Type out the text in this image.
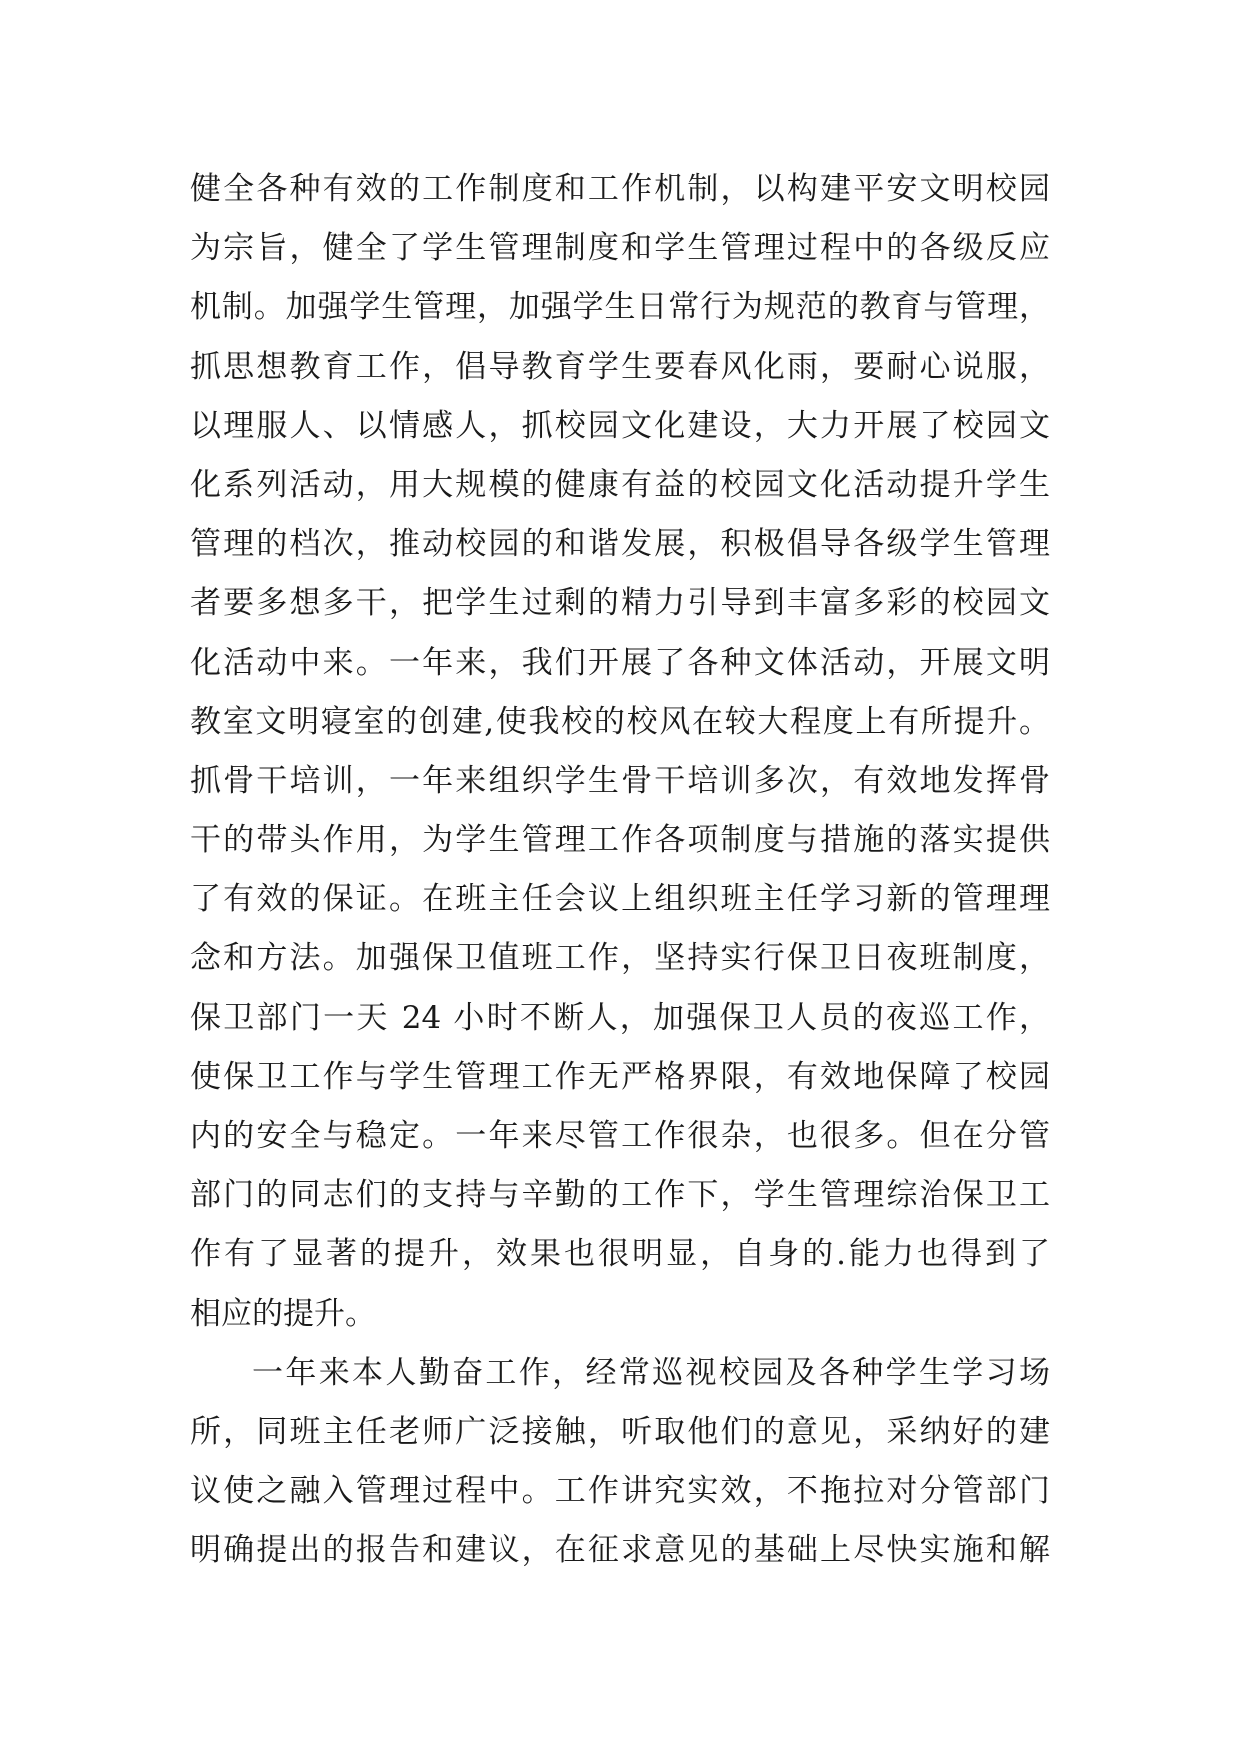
健全各种有效的工作制度和工作机制，以构建平安文明校园
为宗旨，健全了学生管理制度和学生管理过程中的各级反应
机制。加强学生管理，加强学生日常行为规范的教育与管理，
抓思想教育工作，倡导教育学生要春风化雨，要耐心说服，
以理服人、以情感人，抓校园文化建设，大力开展了校园文
化系列活动，用大规模的健康有益的校园文化活动提升学生
管理的档次，推动校园的和谐发展，积极倡导各级学生管理
者要多想多干，把学生过剩的精力引导到丰富多彩的校园文
化活动中来。一年来，我们开展了各种文体活动，开展文明
教室文明寝室的创建,使我校的校风在较大程度上有所提升。
抓骨干培训，一年来组织学生骨干培训多次，有效地发挥骨
干的带头作用，为学生管理工作各项制度与措施的落实提供
了有效的保证。在班主任会议上组织班主任学习新的管理理
念和方法。加强保卫值班工作，坚持实行保卫日夜班制度，
保卫部门一天 24 小时不断人，加强保卫人员的夜巡工作，
使保卫工作与学生管理工作无严格界限，有效地保障了校园
内的安全与稳定。一年来尽管工作很杂，也很多。但在分管
部门的同志们的支持与辛勤的工作下，学生管理综治保卫工
作有了显著的提升，效果也很明显，自身的.能力也得到了
相应的提升。
一年来本人勤奋工作，经常巡视校园及各种学生学习场
所，同班主任老师广泛接触，听取他们的意见，采纳好的建
议使之融入管理过程中。工作讲究实效，不拖拉对分管部门
明确提出的报告和建议，在征求意见的基础上尽快实施和解
